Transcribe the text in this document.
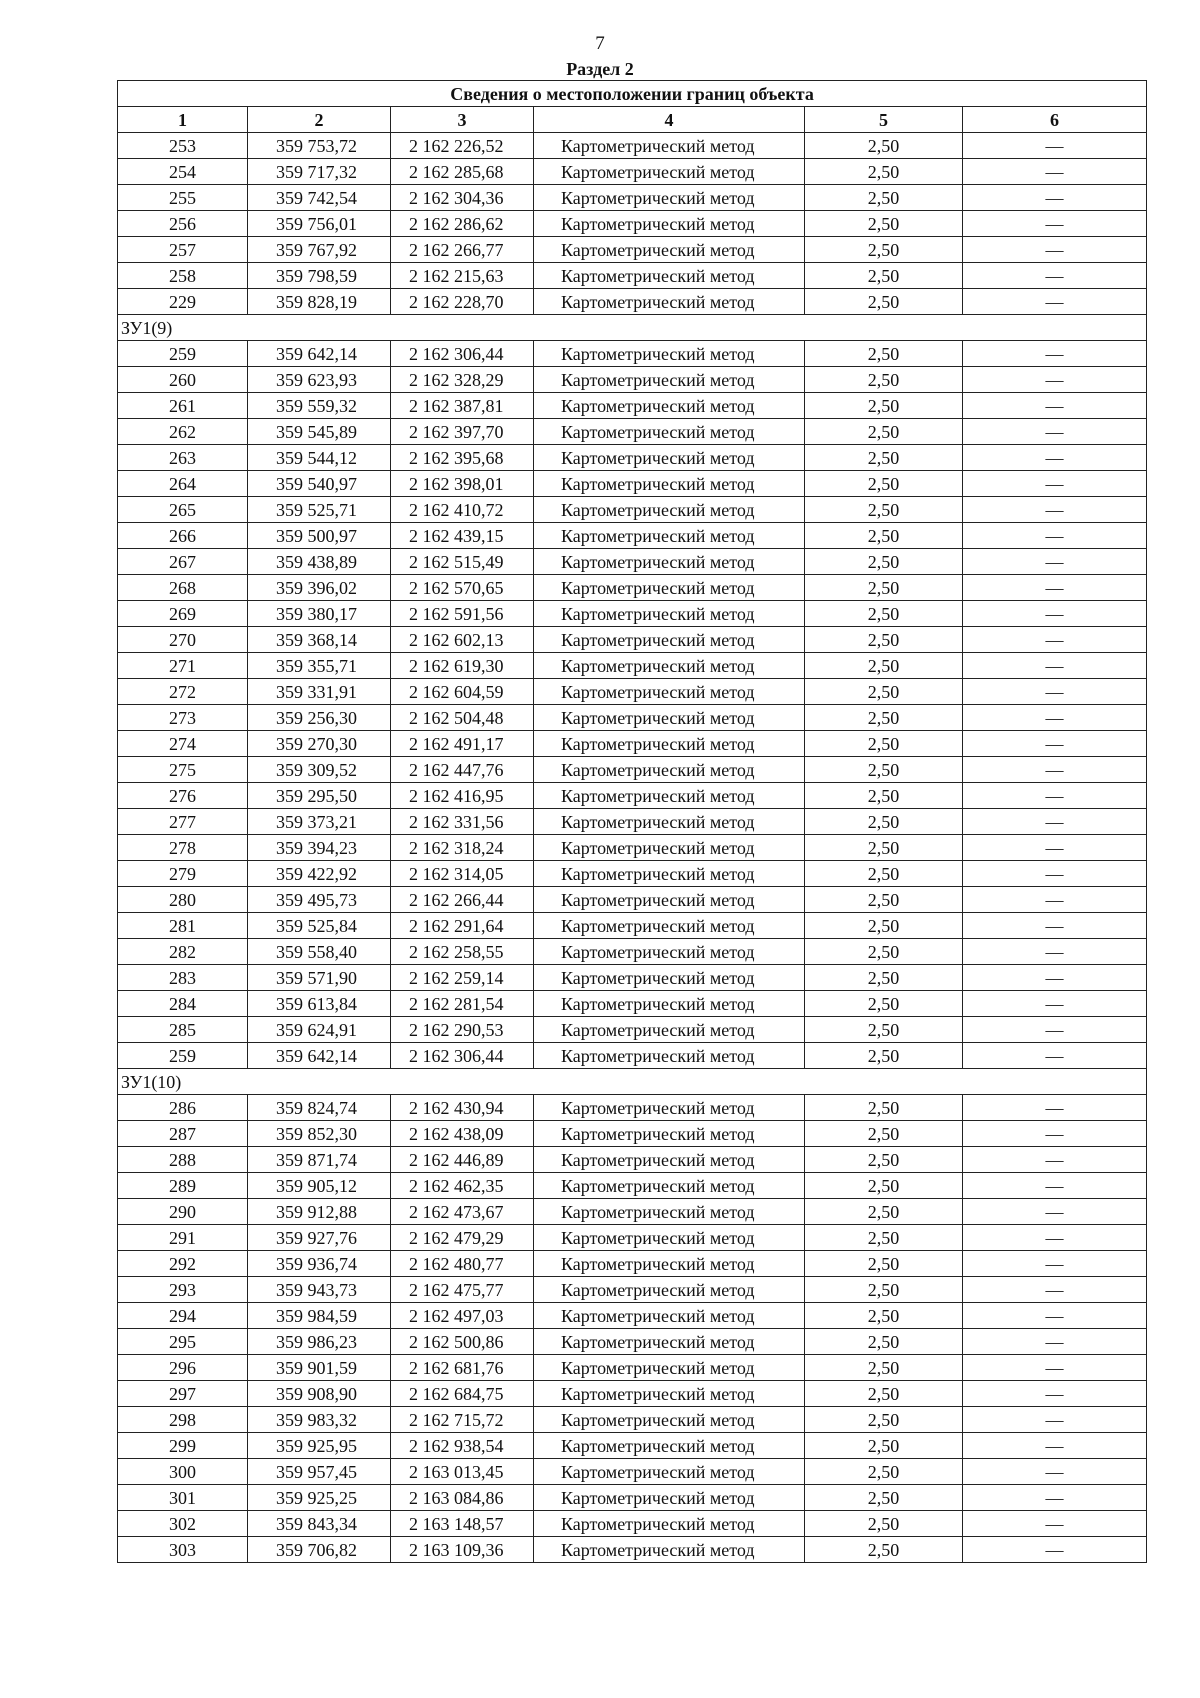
7
Раздел 2
Сведения о местоположении границ объекта					
1	2	3	4	5	6
253	359 753,72	2 162 226,52	Картометрический метод	2,50	—
254	359 717,32	2 162 285,68	Картометрический метод	2,50	—
255	359 742,54	2 162 304,36	Картометрический метод	2,50	—
256	359 756,01	2 162 286,62	Картометрический метод	2,50	—
257	359 767,92	2 162 266,77	Картометрический метод	2,50	—
258	359 798,59	2 162 215,63	Картометрический метод	2,50	—
229	359 828,19	2 162 228,70	Картометрический метод	2,50	—
ЗУ1(9)					
259	359 642,14	2 162 306,44	Картометрический метод	2,50	—
260	359 623,93	2 162 328,29	Картометрический метод	2,50	—
261	359 559,32	2 162 387,81	Картометрический метод	2,50	—
262	359 545,89	2 162 397,70	Картометрический метод	2,50	—
263	359 544,12	2 162 395,68	Картометрический метод	2,50	—
264	359 540,97	2 162 398,01	Картометрический метод	2,50	—
265	359 525,71	2 162 410,72	Картометрический метод	2,50	—
266	359 500,97	2 162 439,15	Картометрический метод	2,50	—
267	359 438,89	2 162 515,49	Картометрический метод	2,50	—
268	359 396,02	2 162 570,65	Картометрический метод	2,50	—
269	359 380,17	2 162 591,56	Картометрический метод	2,50	—
270	359 368,14	2 162 602,13	Картометрический метод	2,50	—
271	359 355,71	2 162 619,30	Картометрический метод	2,50	—
272	359 331,91	2 162 604,59	Картометрический метод	2,50	—
273	359 256,30	2 162 504,48	Картометрический метод	2,50	—
274	359 270,30	2 162 491,17	Картометрический метод	2,50	—
275	359 309,52	2 162 447,76	Картометрический метод	2,50	—
276	359 295,50	2 162 416,95	Картометрический метод	2,50	—
277	359 373,21	2 162 331,56	Картометрический метод	2,50	—
278	359 394,23	2 162 318,24	Картометрический метод	2,50	—
279	359 422,92	2 162 314,05	Картометрический метод	2,50	—
280	359 495,73	2 162 266,44	Картометрический метод	2,50	—
281	359 525,84	2 162 291,64	Картометрический метод	2,50	—
282	359 558,40	2 162 258,55	Картометрический метод	2,50	—
283	359 571,90	2 162 259,14	Картометрический метод	2,50	—
284	359 613,84	2 162 281,54	Картометрический метод	2,50	—
285	359 624,91	2 162 290,53	Картометрический метод	2,50	—
259	359 642,14	2 162 306,44	Картометрический метод	2,50	—
ЗУ1(10)					
286	359 824,74	2 162 430,94	Картометрический метод	2,50	—
287	359 852,30	2 162 438,09	Картометрический метод	2,50	—
288	359 871,74	2 162 446,89	Картометрический метод	2,50	—
289	359 905,12	2 162 462,35	Картометрический метод	2,50	—
290	359 912,88	2 162 473,67	Картометрический метод	2,50	—
291	359 927,76	2 162 479,29	Картометрический метод	2,50	—
292	359 936,74	2 162 480,77	Картометрический метод	2,50	—
293	359 943,73	2 162 475,77	Картометрический метод	2,50	—
294	359 984,59	2 162 497,03	Картометрический метод	2,50	—
295	359 986,23	2 162 500,86	Картометрический метод	2,50	—
296	359 901,59	2 162 681,76	Картометрический метод	2,50	—
297	359 908,90	2 162 684,75	Картометрический метод	2,50	—
298	359 983,32	2 162 715,72	Картометрический метод	2,50	—
299	359 925,95	2 162 938,54	Картометрический метод	2,50	—
300	359 957,45	2 163 013,45	Картометрический метод	2,50	—
301	359 925,25	2 163 084,86	Картометрический метод	2,50	—
302	359 843,34	2 163 148,57	Картометрический метод	2,50	—
303	359 706,82	2 163 109,36	Картометрический метод	2,50	—
